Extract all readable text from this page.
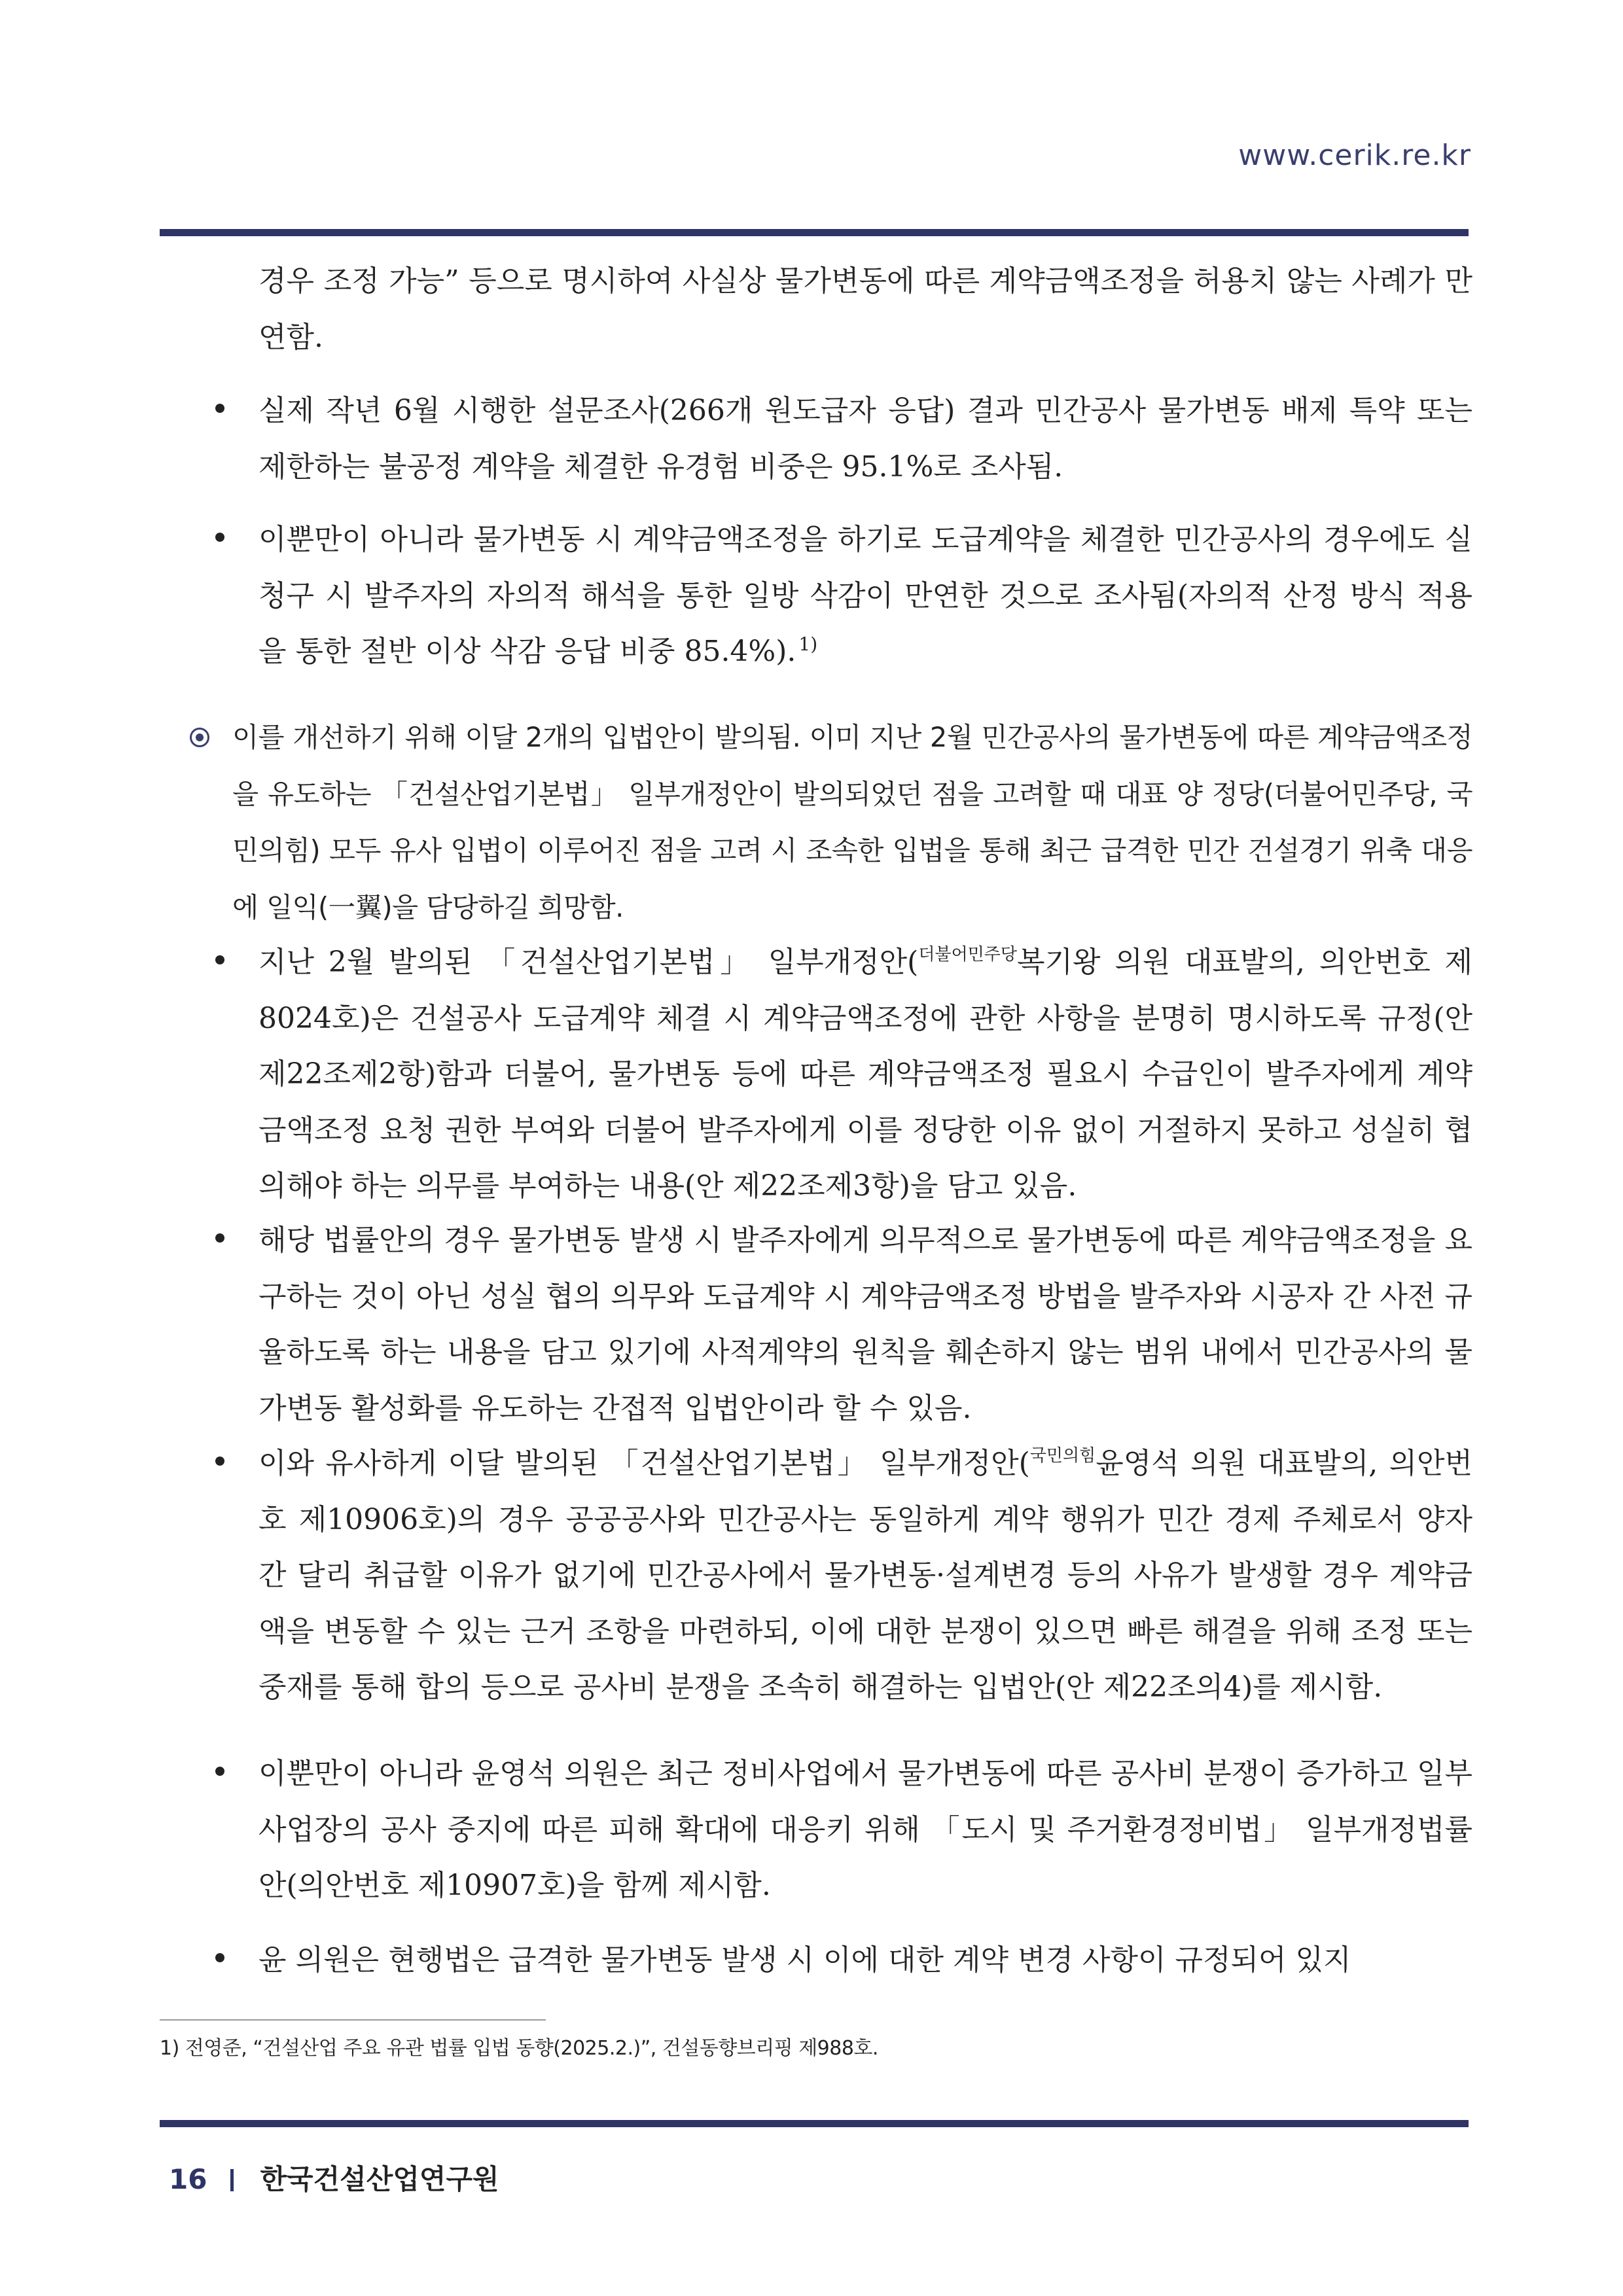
www.cerik.re.kr
경우 조정 가능” 등으로 명시하여 사실상 물가변동에 따른 계약금액조정을 허용치 않는 사례가 만연함.
실제 작년 6월 시행한 설문조사(266개 원도급자 응답) 결과 민간공사 물가변동 배제 특약 또는 제한하는 불공정 계약을 체결한 유경험 비중은 95.1%로 조사됨.
이뿐만이 아니라 물가변동 시 계약금액조정을 하기로 도급계약을 체결한 민간공사의 경우에도 실 청구 시 발주자의 자의적 해석을 통한 일방 삭감이 만연한 것으로 조사됨(자의적 산정 방식 적용을 통한 절반 이상 삭감 응답 비중 85.4%). $^{1)}$
이를 개선하기 위해 이달 2개의 입법안이 발의됨. 이미 지난 2월 민간공사의 물가변동에 따른 계약금액조정을 유도하는 「건설산업기본법」 일부개정안이 발의되었던 점을 고려할 때 대표 양 정당(더불어민주당, 국민의힘) 모두 유사 입법이 이루어진 점을 고려 시 조속한 입법을 통해 최근 급격한 민간 건설경기 위축 대응에 일익(一翼)을 담당하길 희망함.
지난 2월 발의된 「건설산업기본법」 일부개정안($^{더불어민주당}$복기왕 의원 대표발의, 의안번호 제8024호)은 건설공사 도급계약 체결 시 계약금액조정에 관한 사항을 분명히 명시하도록 규정(안 제22조제2항)함과 더불어, 물가변동 등에 따른 계약금액조정 필요시 수급인이 발주자에게 계약금액조정 요청 권한 부여와 더불어 발주자에게 이를 정당한 이유 없이 거절하지 못하고 성실히 협의해야 하는 의무를 부여하는 내용(안 제22조제3항)을 담고 있음.
해당 법률안의 경우 물가변동 발생 시 발주자에게 의무적으로 물가변동에 따른 계약금액조정을 요구하는 것이 아닌 성실 협의 의무와 도급계약 시 계약금액조정 방법을 발주자와 시공자 간 사전 규율하도록 하는 내용을 담고 있기에 사적계약의 원칙을 훼손하지 않는 범위 내에서 민간공사의 물가변동 활성화를 유도하는 간접적 입법안이라 할 수 있음.
이와 유사하게 이달 발의된 「건설산업기본법」 일부개정안($^{국민의힘}$윤영석 의원 대표발의, 의안번호 제10906호)의 경우 공공공사와 민간공사는 동일하게 계약 행위가 민간 경제 주체로서 양자 간 달리 취급할 이유가 없기에 민간공사에서 물가변동·설계변경 등의 사유가 발생할 경우 계약금액을 변동할 수 있는 근거 조항을 마련하되, 이에 대한 분쟁이 있으면 빠른 해결을 위해 조정 또는 중재를 통해 합의 등으로 공사비 분쟁을 조속히 해결하는 입법안(안 제22조의4)를 제시함.
이뿐만이 아니라 윤영석 의원은 최근 정비사업에서 물가변동에 따른 공사비 분쟁이 증가하고 일부 사업장의 공사 중지에 따른 피해 확대에 대응키 위해 「도시 및 주거환경정비법」 일부개정법률안(의안번호 제10907호)을 함께 제시함.
윤 의원은 현행법은 급격한 물가변동 발생 시 이에 대한 계약 변경 사항이 규정되어 있지
1) 전영준, “건설산업 주요 유관 법률 입법 동향(2025.2.)”, 건설동향브리핑 제988호.
16 한국건설산업연구원
